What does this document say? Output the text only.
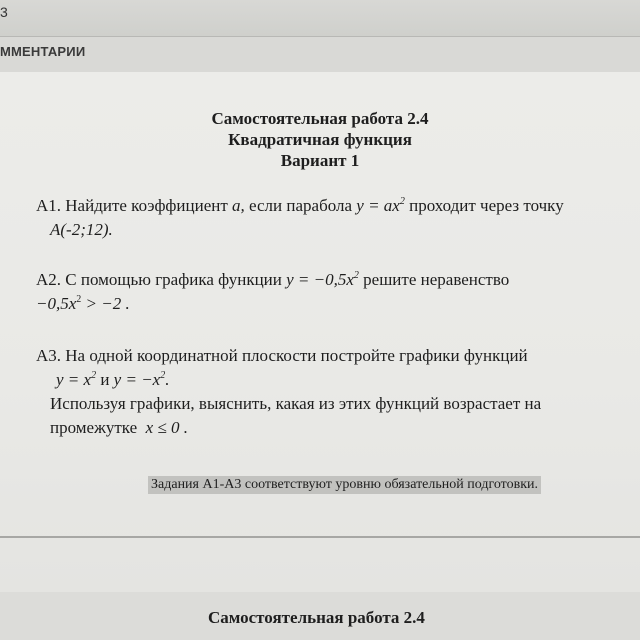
3
ММЕНТАРИИ
Самостоятельная работа 2.4
Квадратичная функция
Вариант 1
А1. Найдите коэффициент a, если парабола $y = ax^2$ проходит через точку
А(-2;12).
А2. С помощью графика функции $y = -0,5x^2$ решите неравенство
$-0,5x^2 > -2$ .
А3. На одной координатной плоскости постройте графики функций
$y = x^2$ и $y = -x^2$.
Используя графики, выяснить, какая из этих функций возрастает на
промежутке x ≤ 0 .
Задания А1-А3 соответствуют уровню обязательной подготовки.
Самостоятельная работа 2.4
